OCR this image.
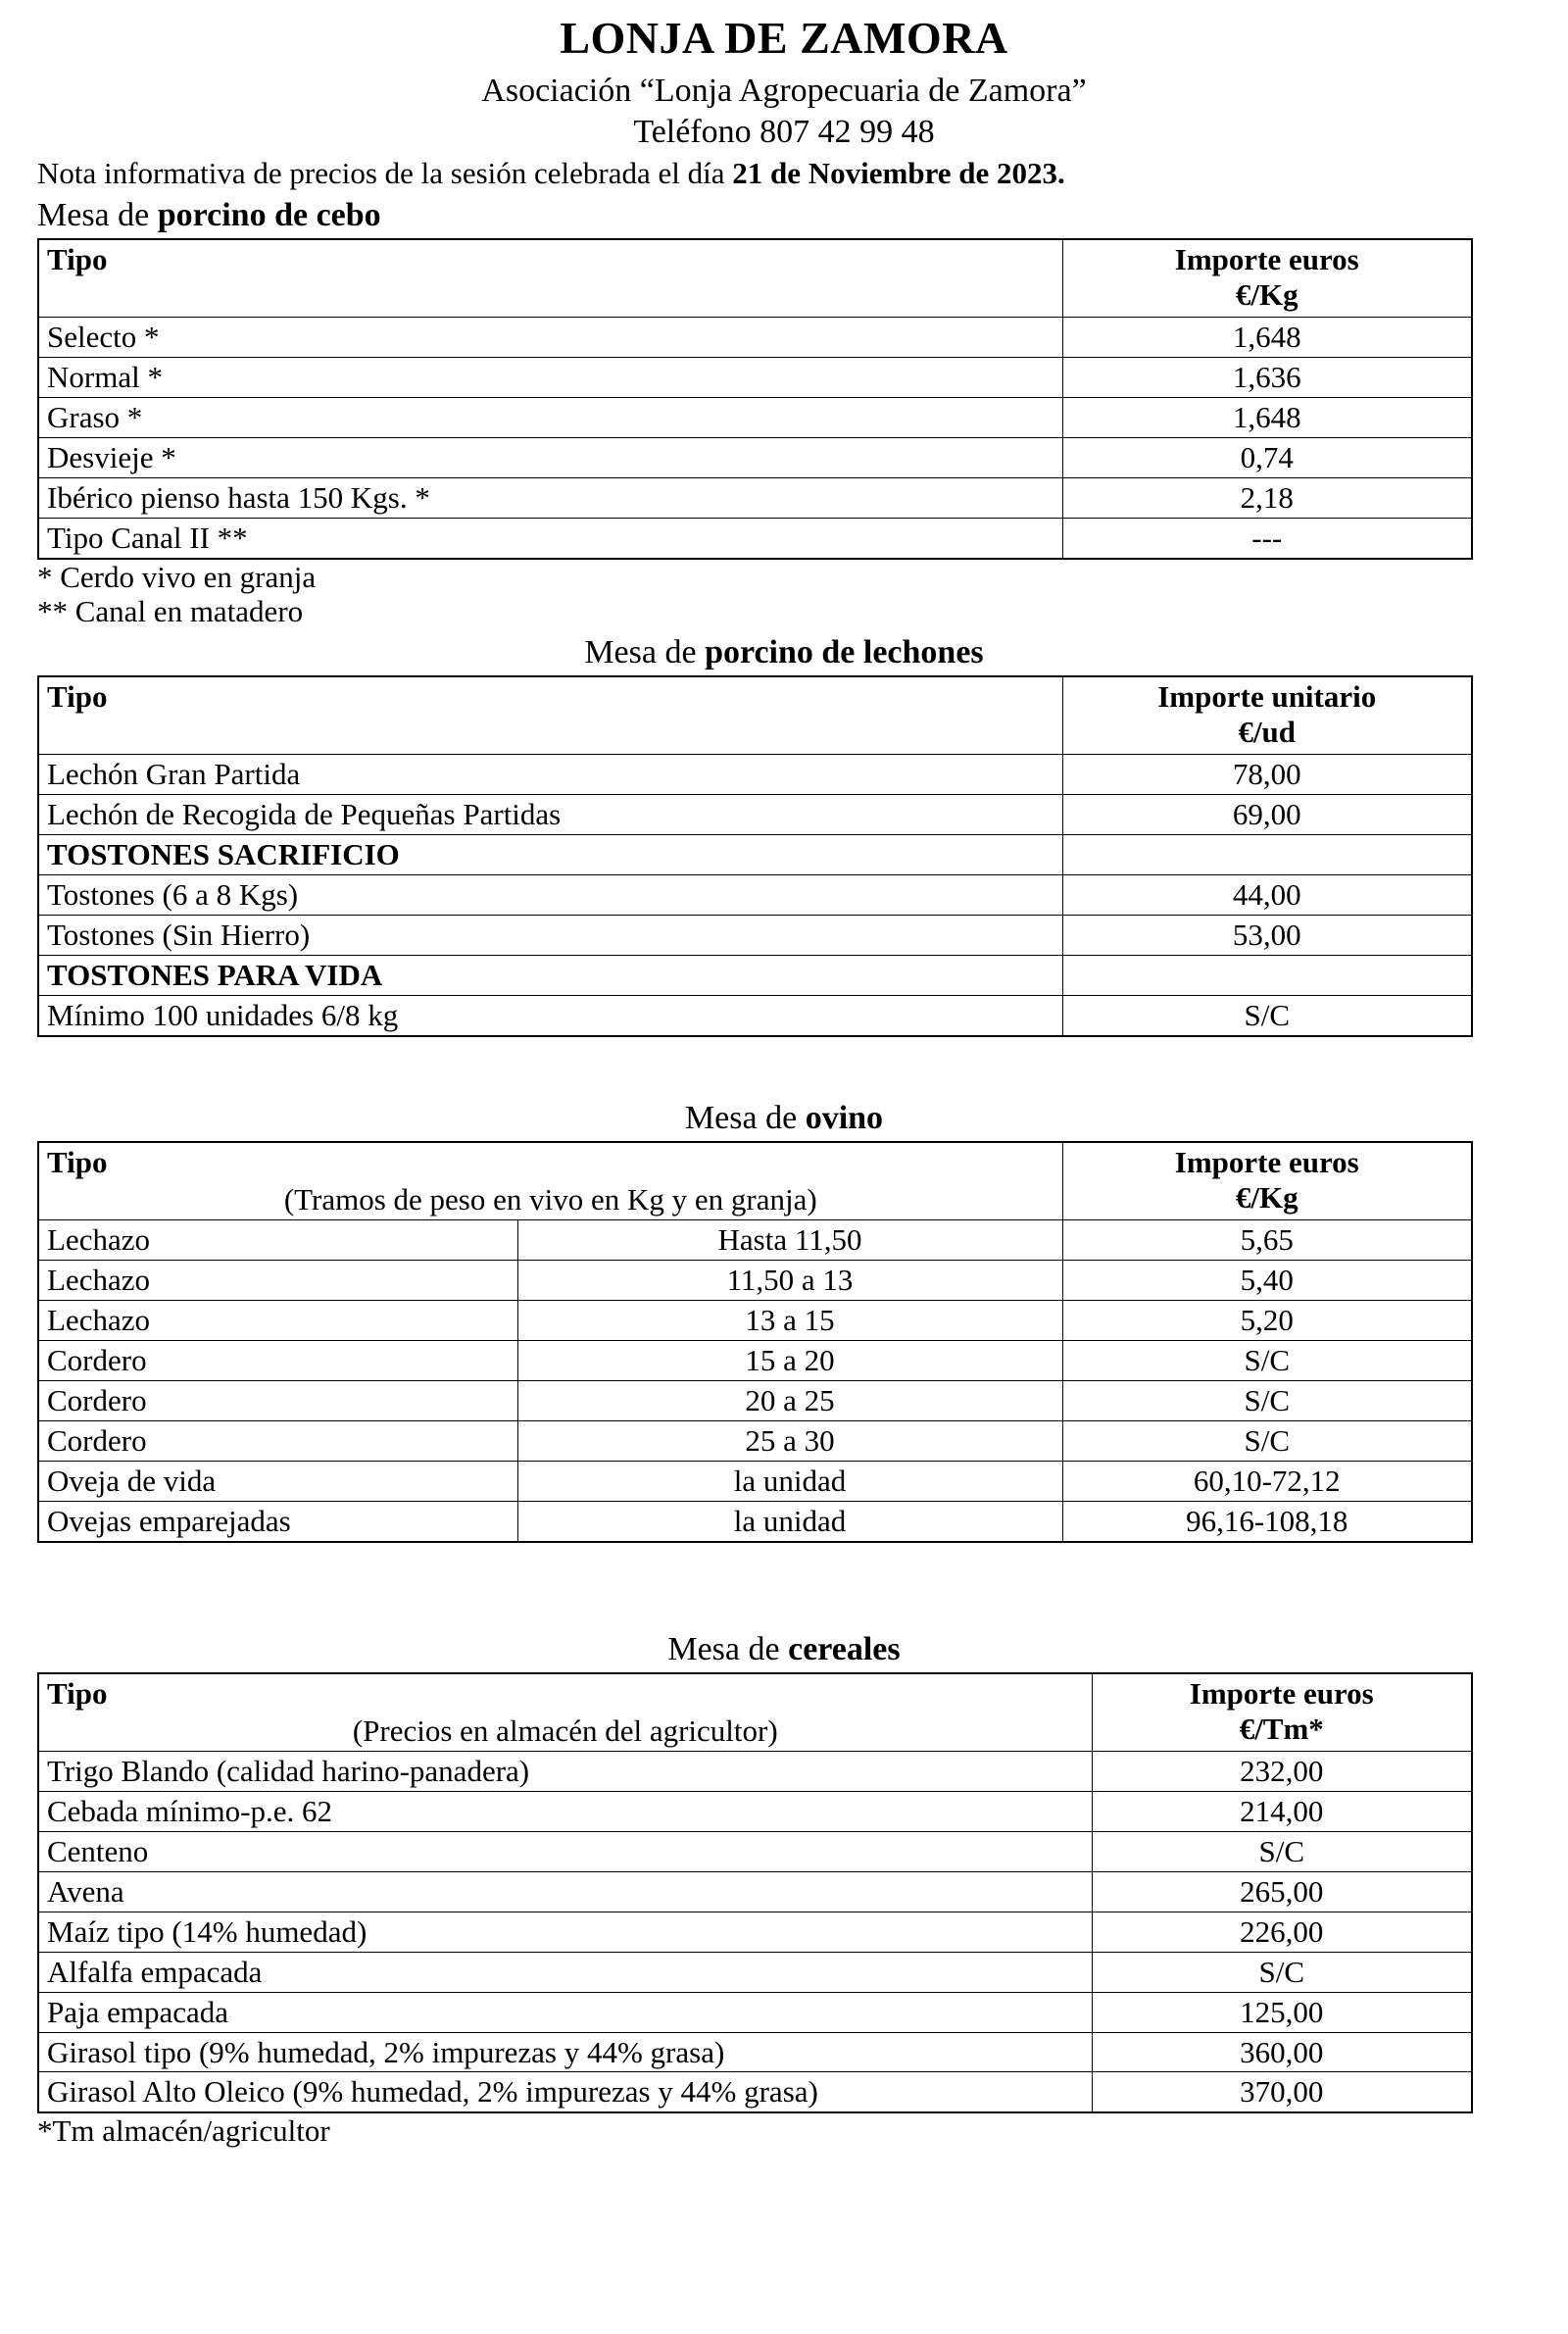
LONJA DE ZAMORA
Asociación “Lonja Agropecuaria de Zamora”
Teléfono 807 42 99 48
Nota informativa de precios de la sesión celebrada el día 21 de Noviembre de 2023.
Mesa de porcino de cebo
Tipo	Importe euros
€/Kg

Selecto *	1,648
Normal *	1,636
Graso *	1,648
Desvieje *	0,74
Ibérico pienso hasta 150 Kgs. *	2,18
Tipo Canal II **	---
* Cerdo vivo en granja
** Canal en matadero
Mesa de porcino de lechones
Tipo	Importe unitario
€/ud

Lechón Gran Partida	78,00
Lechón de Recogida de Pequeñas Partidas	69,00
TOSTONES SACRIFICIO	
Tostones (6 a 8 Kgs)	44,00
Tostones (Sin Hierro)	53,00
TOSTONES PARA VIDA	
Mínimo 100 unidades 6/8 kg	S/C
Mesa de ovino
Tipo
(Tramos de peso en vivo en Kg y en granja)		Importe euros
€/Kg

Lechazo	Hasta 11,50	5,65
Lechazo	11,50 a 13	5,40
Lechazo	13 a 15	5,20
Cordero	15 a 20	S/C
Cordero	20 a 25	S/C
Cordero	25 a 30	S/C
Oveja de vida	la unidad	60,10-72,12
Ovejas emparejadas	la unidad	96,16-108,18
Mesa de cereales
Tipo
(Precios en almacén del agricultor)	Importe euros
€/Tm*

Trigo Blando (calidad harino-panadera)	232,00
Cebada mínimo-p.e. 62	214,00
Centeno	S/C
Avena	265,00
Maíz tipo (14% humedad)	226,00
Alfalfa empacada	S/C
Paja empacada	125,00
Girasol tipo (9% humedad, 2% impurezas y 44% grasa)	360,00
Girasol Alto Oleico (9% humedad, 2% impurezas y 44% grasa)	370,00
*Tm almacén/agricultor
